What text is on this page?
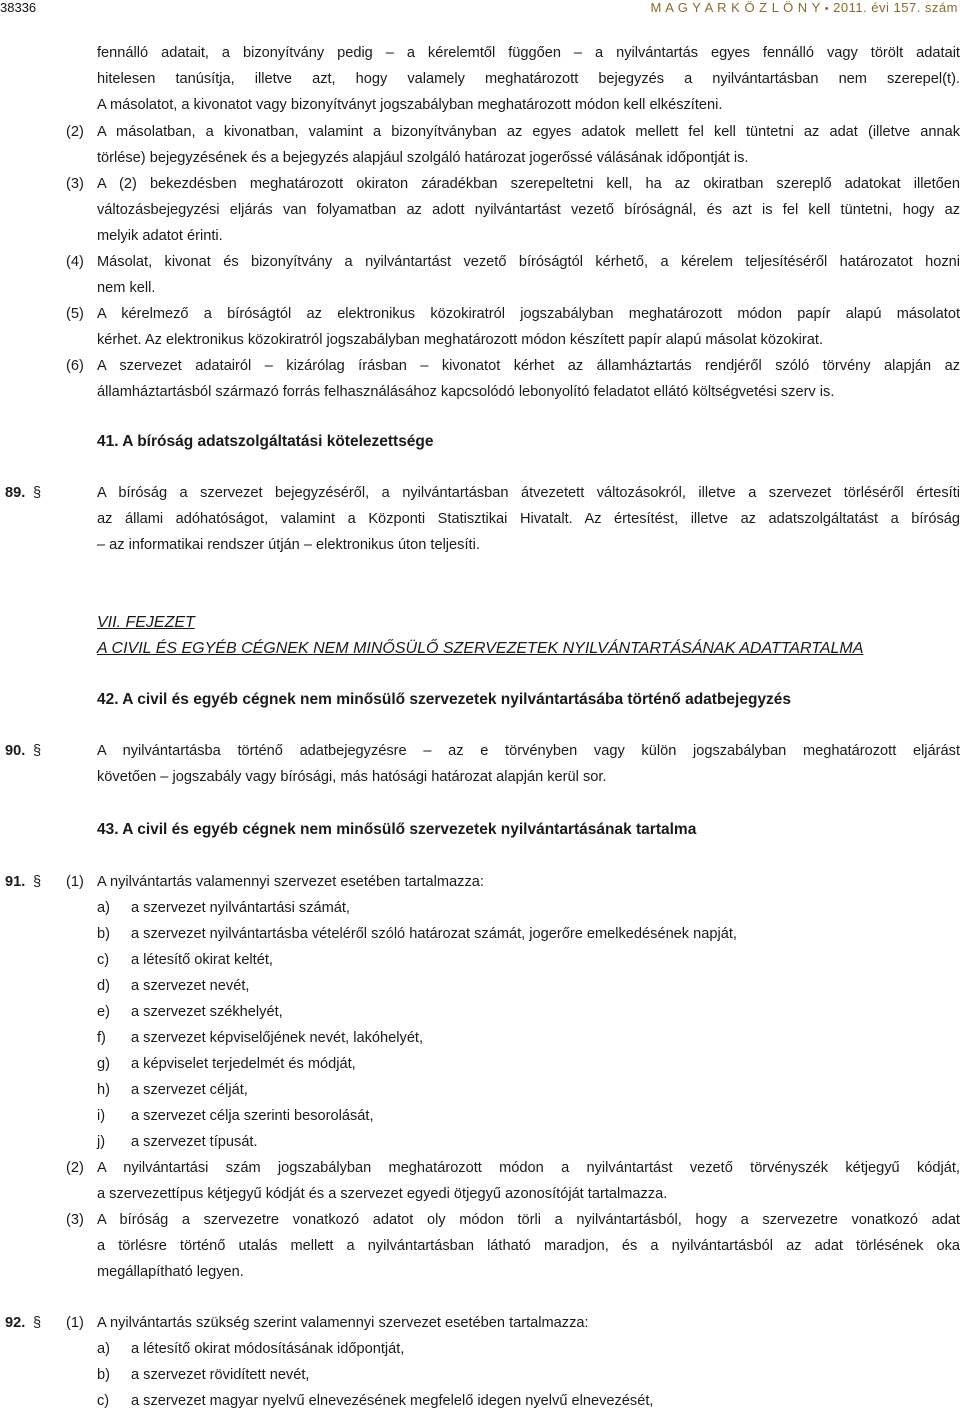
38336	M A G Y A R K Ö Z L Ö N Y • 2011. évi 157. szám
fennálló adatait, a bizonyítvány pedig – a kérelemtől függően – a nyilvántartás egyes fennálló vagy törölt adatait
hitelesen tanúsítja, illetve azt, hogy valamely meghatározott bejegyzés a nyilvántartásban nem szerepel(t).
A másolatot, a kivonatot vagy bizonyítványt jogszabályban meghatározott módon kell elkészíteni.
(2) A másolatban, a kivonatban, valamint a bizonyítványban az egyes adatok mellett fel kell tüntetni az adat (illetve annak
törlése) bejegyzésének és a bejegyzés alapjául szolgáló határozat jogerőssé válásának időpontját is.
(3) A (2) bekezdésben meghatározott okiraton záradékban szerepeltetni kell, ha az okiratban szereplő adatokat illetően
változásbejegyzési eljárás van folyamatban az adott nyilvántartást vezető bíróságnál, és azt is fel kell tüntetni, hogy az
melyik adatot érinti.
(4) Másolat, kivonat és bizonyítvány a nyilvántartást vezető bíróságtól kérhető, a kérelem teljesítéséről határozatot hozni
nem kell.
(5) A kérelmező a bíróságtól az elektronikus közokiratról jogszabályban meghatározott módon papír alapú másolatot
kérhet. Az elektronikus közokiratról jogszabályban meghatározott módon készített papír alapú másolat közokirat.
(6) A szervezet adatairól – kizárólag írásban – kivonatot kérhet az államháztartás rendjéről szóló törvény alapján az
államháztartásból származó forrás felhasználásához kapcsolódó lebonyolító feladatot ellátó költségvetési szerv is.
41. A bíróság adatszolgáltatási kötelezettsége
89. §	A bíróság a szervezet bejegyzéséről, a nyilvántartásban átvezetett változásokról, illetve a szervezet törléséről értesíti
az állami adóhatóságot, valamint a Központi Statisztikai Hivatalt. Az értesítést, illetve az adatszolgáltatást a bíróság
– az informatikai rendszer útján – elektronikus úton teljesíti.
VII. FEJEZET
A CIVIL ÉS EGYÉB CÉGNEK NEM MINŐSÜLŐ SZERVEZETEK NYILVÁNTARTÁSÁNAK ADATTARTALMA
42. A civil és egyéb cégnek nem minősülő szervezetek nyilvántartásába történő adatbejegyzés
90. §	A nyilvántartásba történő adatbejegyzésre – az e törvényben vagy külön jogszabályban meghatározott eljárást
követően – jogszabály vagy bírósági, más hatósági határozat alapján kerül sor.
43. A civil és egyéb cégnek nem minősülő szervezetek nyilvántartásának tartalma
91. § (1) A nyilvántartás valamennyi szervezet esetében tartalmazza:
a) a szervezet nyilvántartási számát,
b) a szervezet nyilvántartásba vételéről szóló határozat számát, jogerőre emelkedésének napját,
c) a létesítő okirat keltét,
d) a szervezet nevét,
e) a szervezet székhelyét,
f) a szervezet képviselőjének nevét, lakóhelyét,
g) a képviselet terjedelmét és módját,
h) a szervezet célját,
i) a szervezet célja szerinti besorolását,
j) a szervezet típusát.
(2) A nyilvántartási szám jogszabályban meghatározott módon a nyilvántartást vezető törvényszék kétjegyű kódját,
a szervezettípus kétjegyű kódját és a szervezet egyedi ötjegyű azonosítóját tartalmazza.
(3) A bíróság a szervezetre vonatkozó adatot oly módon törli a nyilvántartásból, hogy a szervezetre vonatkozó adat
a törlésre történő utalás mellett a nyilvántartásban látható maradjon, és a nyilvántartásból az adat törlésének oka
megállapítható legyen.
92. § (1) A nyilvántartás szükség szerint valamennyi szervezet esetében tartalmazza:
a) a létesítő okirat módosításának időpontját,
b) a szervezet rövidített nevét,
c) a szervezet magyar nyelvű elnevezésének megfelelő idegen nyelvű elnevezését,
